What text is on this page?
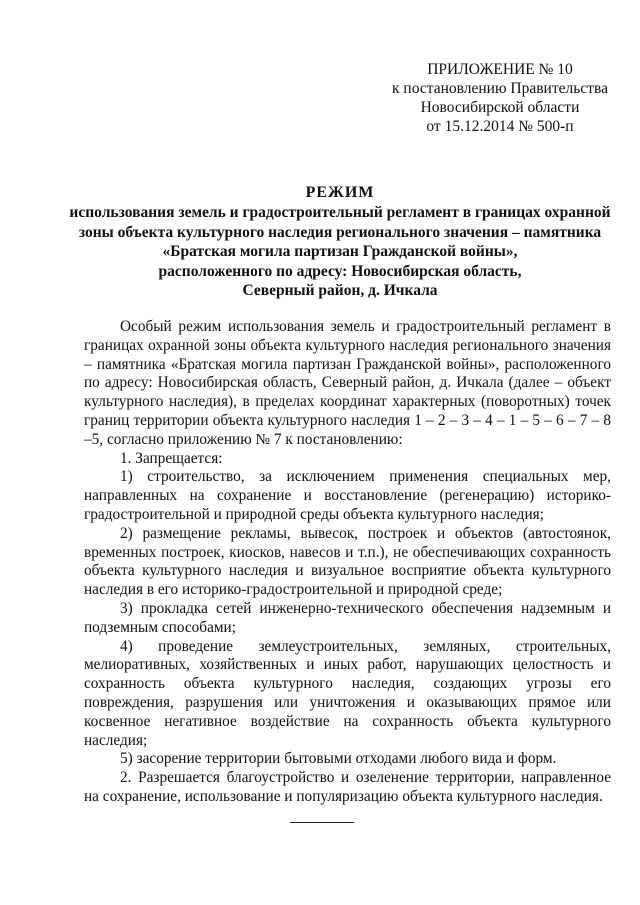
ПРИЛОЖЕНИЕ № 10
к постановлению Правительства
Новосибирской области
от 15.12.2014 № 500-п
РЕЖИМ
использования земель и градостроительный регламент в границах охранной
зоны объекта культурного наследия регионального значения – памятника
«Братская могила партизан Гражданской войны»,
расположенного по адресу: Новосибирская область,
Северный район, д. Ичкала

Особый режим использования земель и градостроительный регламент в границах охранной зоны объекта культурного наследия регионального значения – памятника «Братская могила партизан Гражданской войны», расположенного по адресу: Новосибирская область, Северный район, д. Ичкала (далее – объект культурного наследия), в пределах координат характерных (поворотных) точек границ территории объекта культурного наследия 1 – 2 – 3 – 4 – 1 – 5 – 6 – 7 – 8 –5, согласно приложению № 7 к постановлению:

1. Запрещается:

1) строительство, за исключением применения специальных мер, направленных на сохранение и восстановление (регенерацию) историко-градостроительной и природной среды объекта культурного наследия;

2) размещение рекламы, вывесок, построек и объектов (автостоянок, временных построек, киосков, навесов и т.п.), не обеспечивающих сохранность объекта культурного наследия и визуальное восприятие объекта культурного наследия в его историко-градостроительной и природной среде;

3) прокладка сетей инженерно-технического обеспечения надземным и подземным способами;

4) проведение землеустроительных, земляных, строительных, мелиоративных, хозяйственных и иных работ, нарушающих целостность и сохранность объекта культурного наследия, создающих угрозы его повреждения, разрушения или уничтожения и оказывающих прямое или косвенное негативное воздействие на сохранность объекта культурного наследия;

5) засорение территории бытовыми отходами любого вида и форм.

2. Разрешается благоустройство и озеленение территории, направленное на сохранение, использование и популяризацию объекта культурного наследия.
